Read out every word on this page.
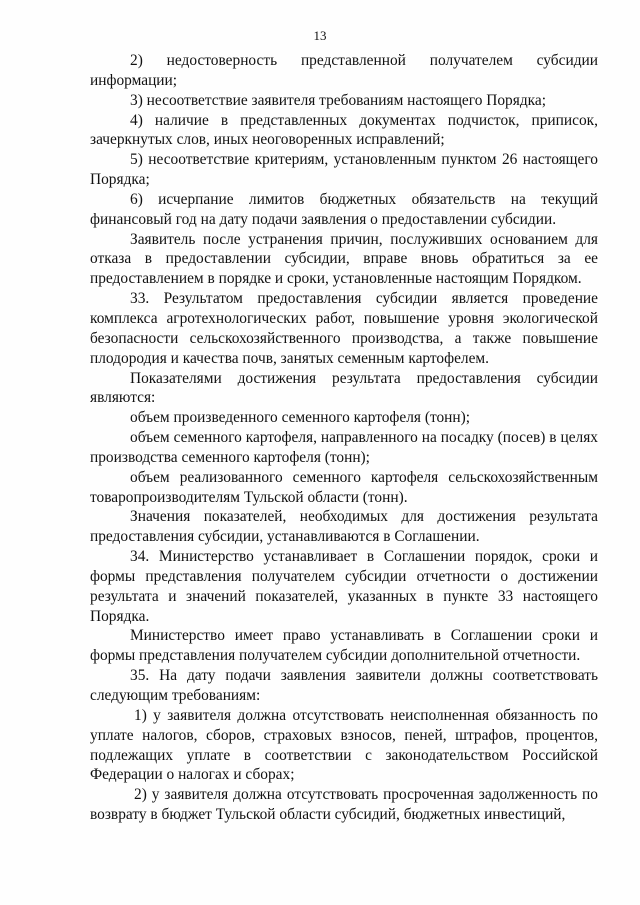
13

2) недостоверность представленной получателем субсидии информации;

3) несоответствие заявителя требованиям настоящего Порядка;

4) наличие в представленных документах подчисток, приписок, зачеркнутых слов, иных неоговоренных исправлений;

5) несоответствие критериям, установленным пунктом 26 настоящего Порядка;

6) исчерпание лимитов бюджетных обязательств на текущий финансовый год на дату подачи заявления о предоставлении субсидии.

Заявитель после устранения причин, послуживших основанием для отказа в предоставлении субсидии, вправе вновь обратиться за ее предоставлением в порядке и сроки, установленные настоящим Порядком.

33. Результатом предоставления субсидии является проведение комплекса агротехнологических работ, повышение уровня экологической безопасности сельскохозяйственного производства, а также повышение плодородия и качества почв, занятых семенным картофелем.

Показателями достижения результата предоставления субсидии являются:

объем произведенного семенного картофеля (тонн);

объем семенного картофеля, направленного на посадку (посев) в целях производства семенного картофеля (тонн);

объем реализованного семенного картофеля сельскохозяйственным товаропроизводителям Тульской области (тонн).

Значения показателей, необходимых для достижения результата предоставления субсидии, устанавливаются в Соглашении.

34. Министерство устанавливает в Соглашении порядок, сроки и формы представления получателем субсидии отчетности о достижении результата и значений показателей, указанных в пункте 33 настоящего Порядка.

Министерство имеет право устанавливать в Соглашении сроки и формы представления получателем субсидии дополнительной отчетности.

35. На дату подачи заявления заявители должны соответствовать следующим требованиям:

1) у заявителя должна отсутствовать неисполненная обязанность по уплате налогов, сборов, страховых взносов, пеней, штрафов, процентов, подлежащих уплате в соответствии с законодательством Российской Федерации о налогах и сборах;

2) у заявителя должна отсутствовать просроченная задолженность по возврату в бюджет Тульской области субсидий, бюджетных инвестиций,
